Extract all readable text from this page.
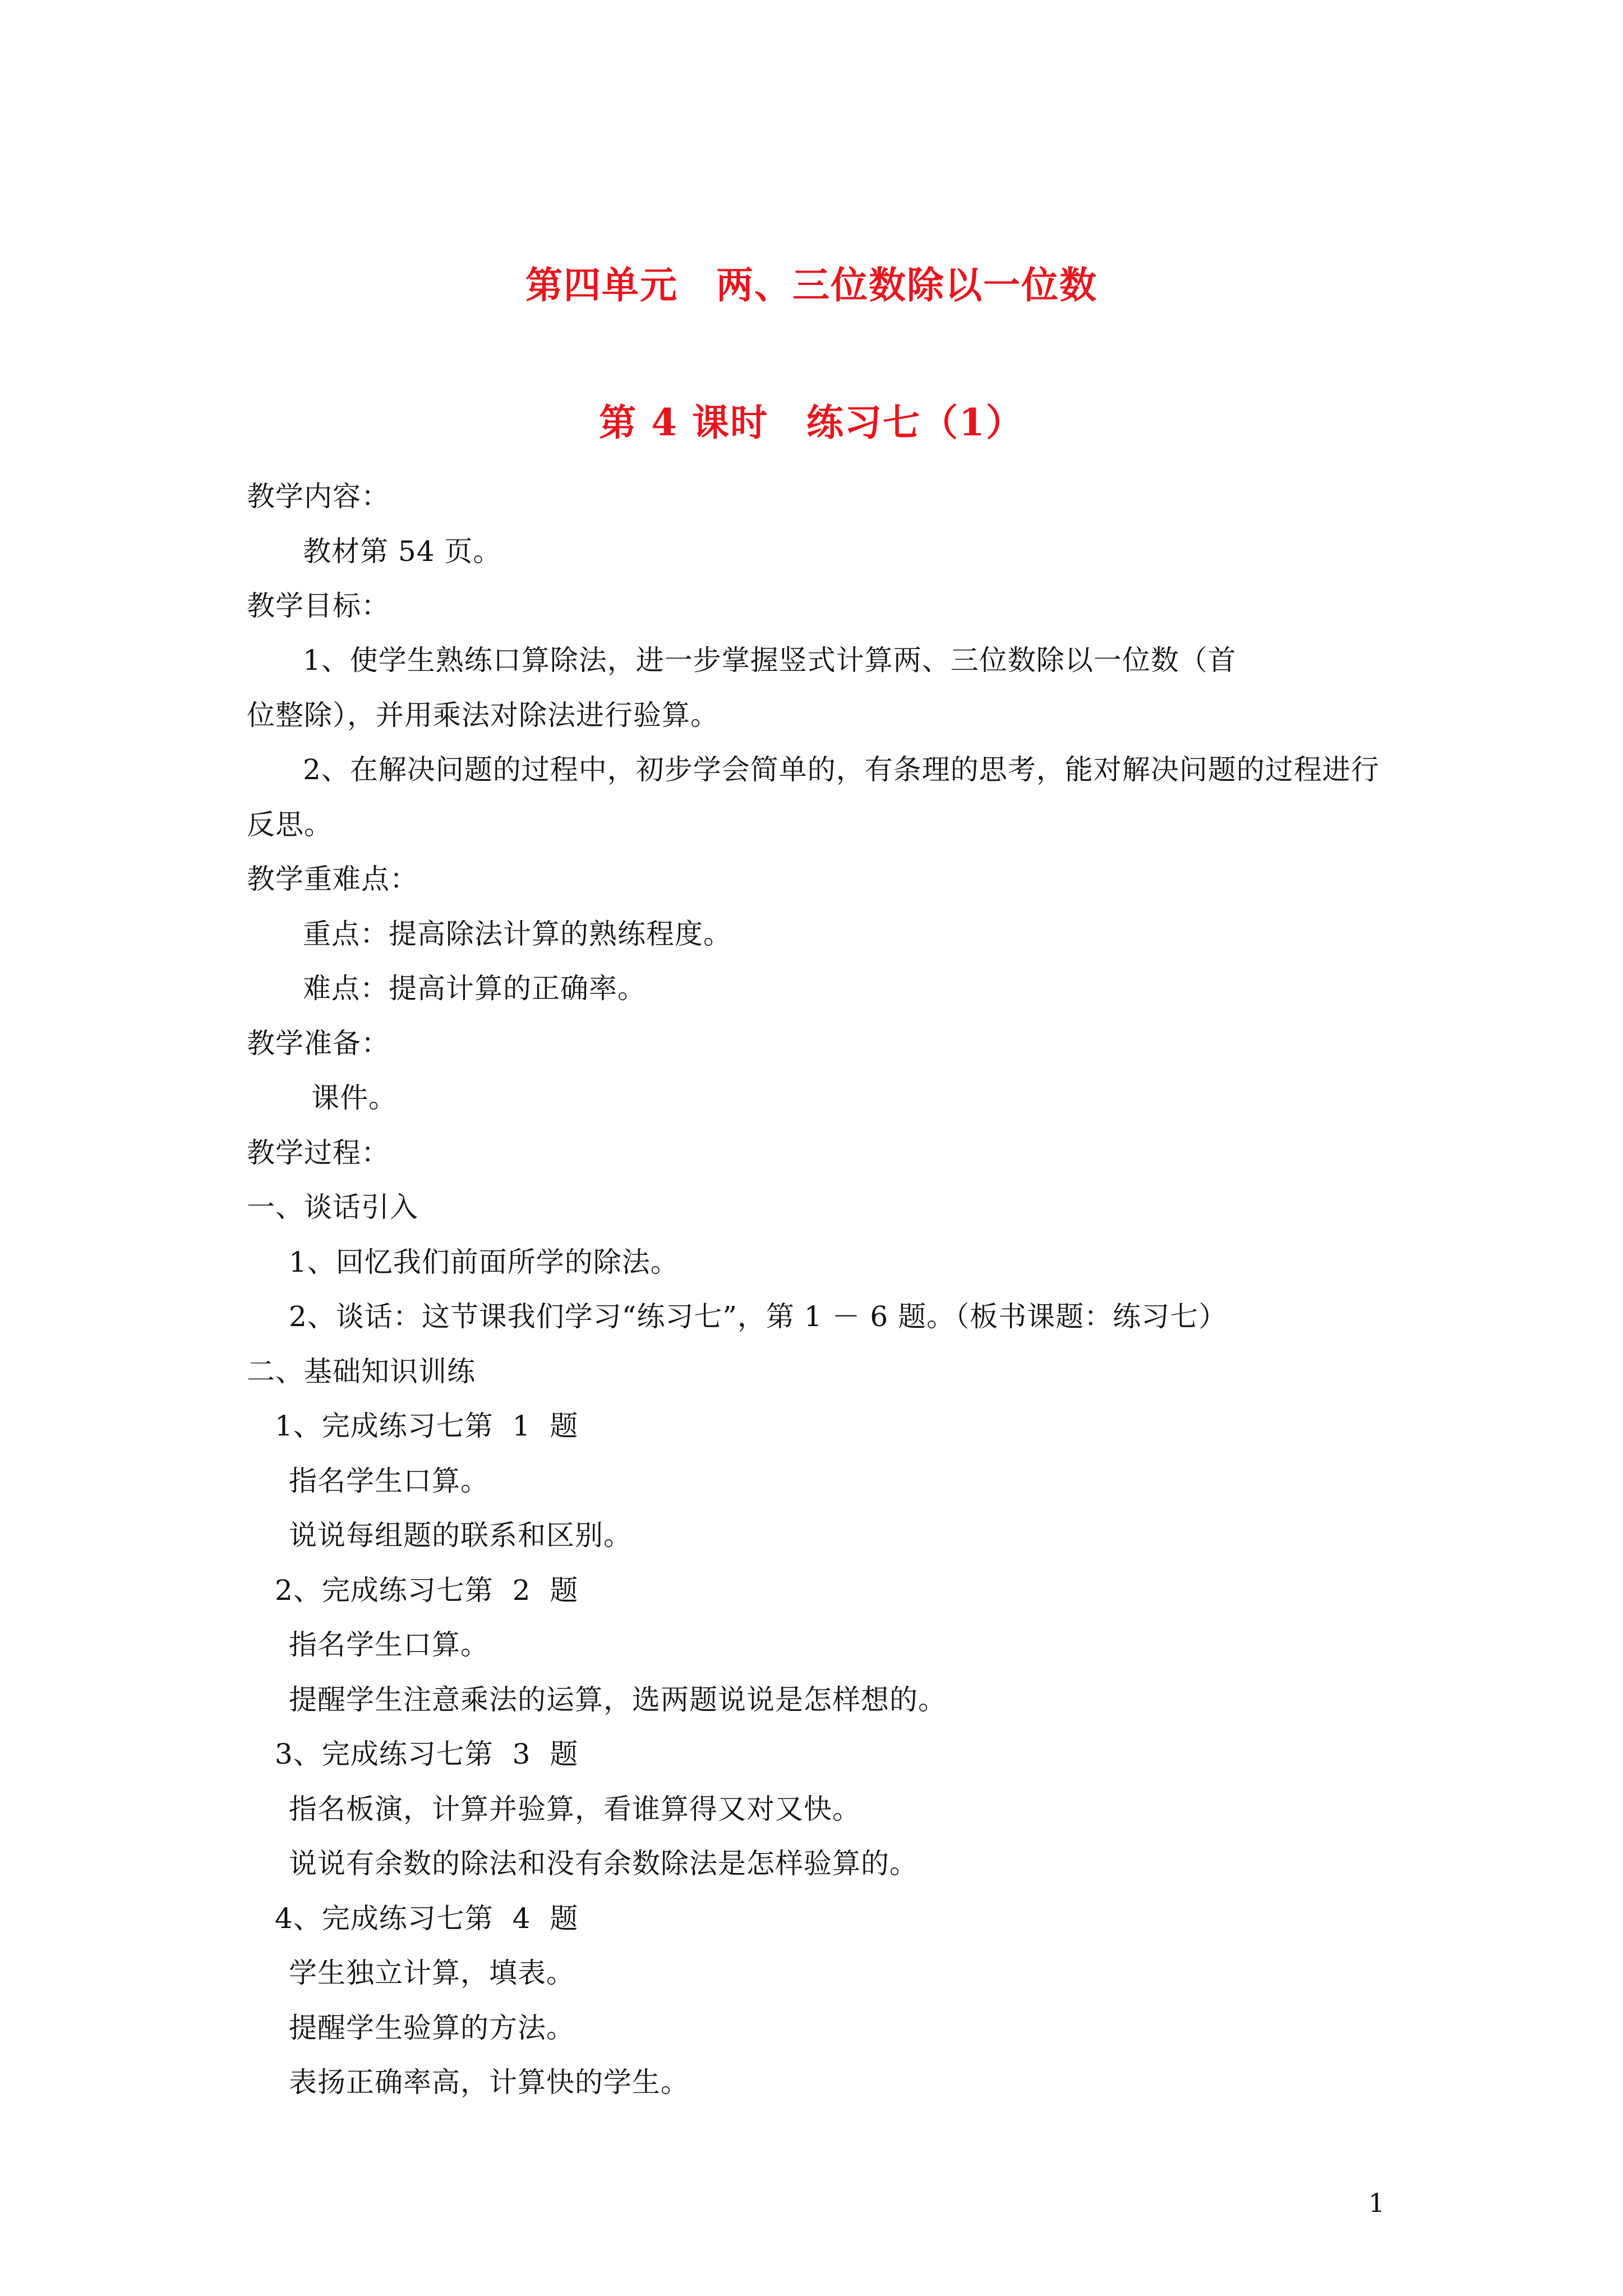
第四单元　两、三位数除以一位数
第 4 课时　练习七（1）
教学内容：
教材第 54 页。
教学目标：
1、使学生熟练口算除法，进一步掌握竖式计算两、三位数除以一位数（首
位整除），并用乘法对除法进行验算。
2、在解决问题的过程中，初步学会简单的，有条理的思考，能对解决问题的过程进行
反思。
教学重难点：
重点：提高除法计算的熟练程度。
难点：提高计算的正确率。
教学准备：
课件。
教学过程：
一、谈话引入
1、回忆我们前面所学的除法。
2、谈话：这节课我们学习“练习七”，第 1 － 6 题。（板书课题：练习七）
二、基础知识训练
1、完成练习七第  1  题
指名学生口算。
说说每组题的联系和区别。
2、完成练习七第  2  题
指名学生口算。
提醒学生注意乘法的运算，选两题说说是怎样想的。
3、完成练习七第  3  题
指名板演，计算并验算，看谁算得又对又快。
说说有余数的除法和没有余数除法是怎样验算的。
4、完成练习七第  4  题
学生独立计算，填表。
提醒学生验算的方法。
表扬正确率高，计算快的学生。
1
